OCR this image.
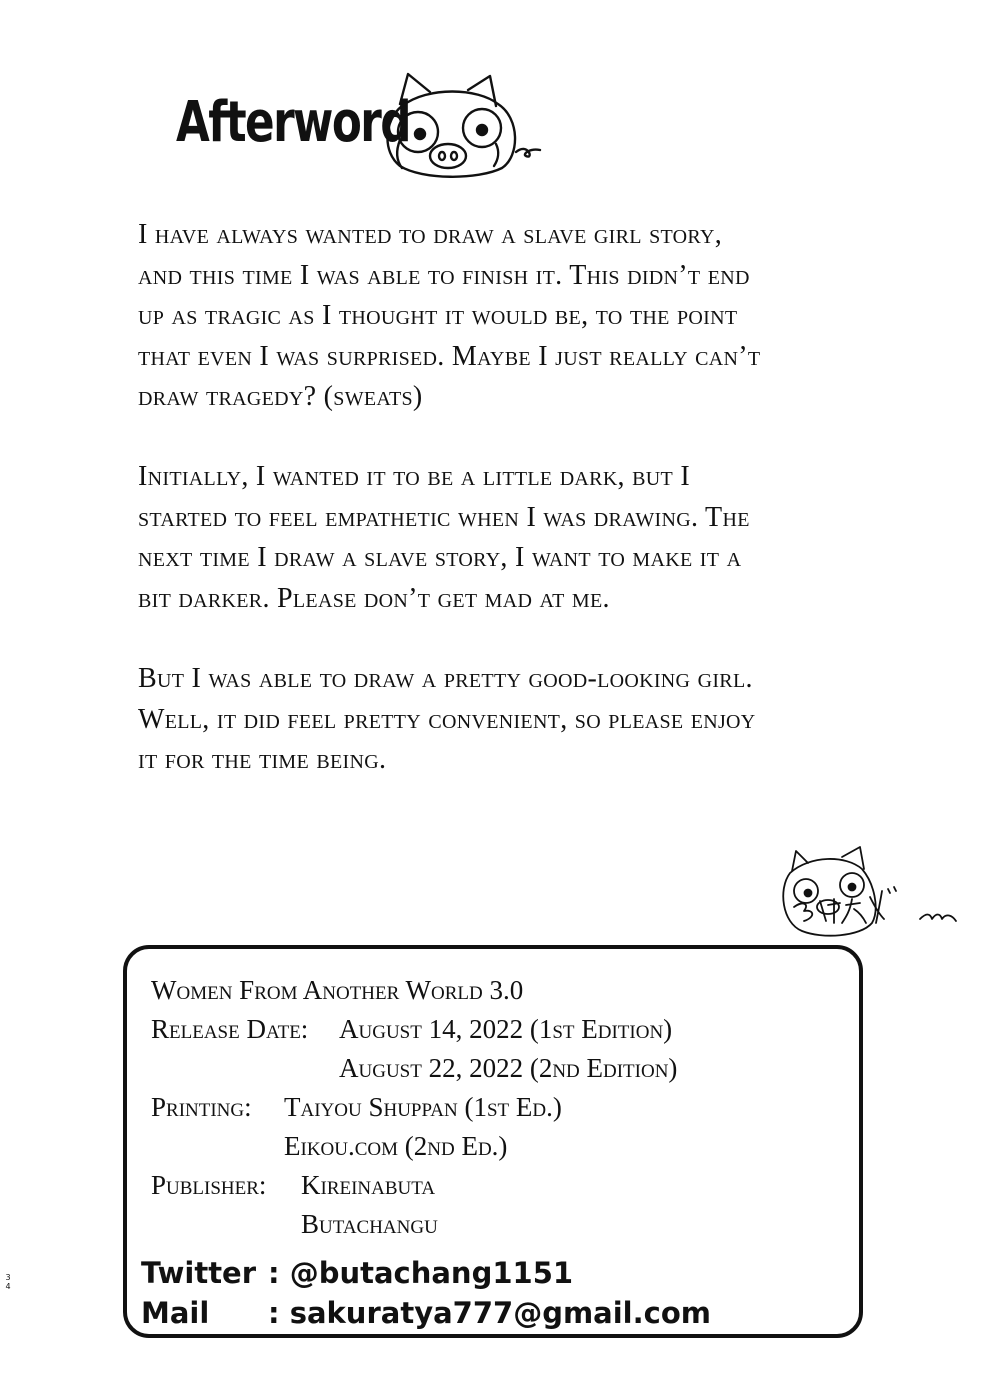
Afterword
I have always wanted to draw a slave girl story,
and this time I was able to finish it. This didn’t end
up as tragic as I thought it would be, to the point
that even I was surprised. Maybe I just really can’t
draw tragedy? (sweats)
Initially, I wanted it to be a little dark, but I
started to feel empathetic when I was drawing. The
next time I draw a slave story, I want to make it a
bit darker. Please don’t get mad at me.
But I was able to draw a pretty good-looking girl.
Well, it did feel pretty convenient, so please enjoy
it for the time being.
Women From Another World 3.0
Release Date: August 14, 2022 (1st Edition)
August 22, 2022 (2nd Edition)
Printing: Taiyou Shuppan (1st Ed.)
Eikou.com (2nd Ed.)
Publisher: Kireinabuta
Butachangu
Twitter : @butachang1151
Mail : sakuratya777@gmail.com
34
